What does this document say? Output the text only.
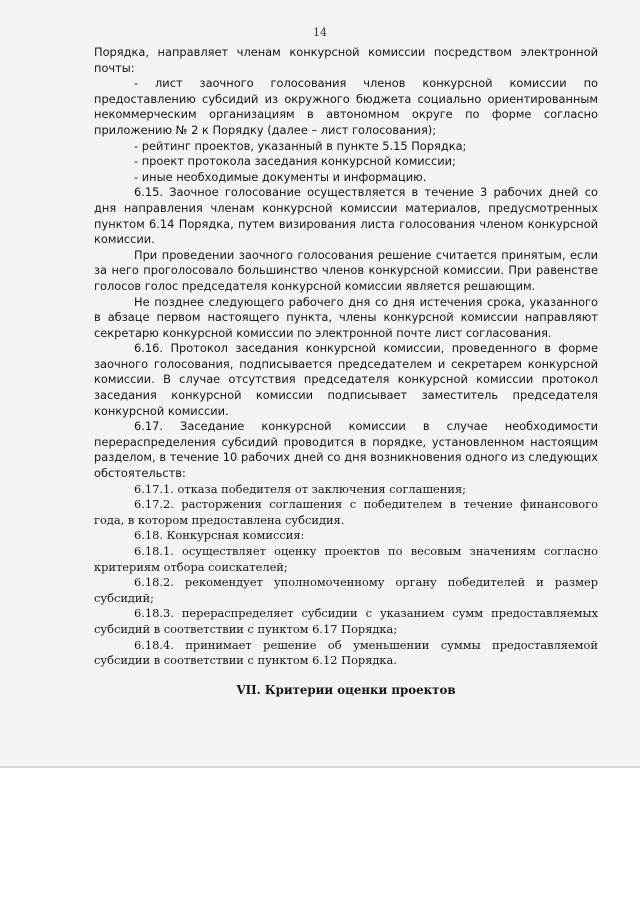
14

Порядка, направляет членам конкурсной комиссии посредством электронной почты:

- лист заочного голосования членов конкурсной комиссии по предоставлению субсидий из окружного бюджета социально ориентированным некоммерческим организациям в автономном округе по форме согласно приложению № 2 к Порядку (далее – лист голосования);

- рейтинг проектов, указанный в пункте 5.15 Порядка;

- проект протокола заседания конкурсной комиссии;

- иные необходимые документы и информацию.

6.15. Заочное голосование осуществляется в течение 3 рабочих дней со дня направления членам конкурсной комиссии материалов, предусмотренных пунктом 6.14 Порядка, путем визирования листа голосования членом конкурсной комиссии.

При проведении заочного голосования решение считается принятым, если за него проголосовало большинство членов конкурсной комиссии. При равенстве голосов голос председателя конкурсной комиссии является решающим.

Не позднее следующего рабочего дня со дня истечения срока, указанного в абзаце первом настоящего пункта, члены конкурсной комиссии направляют секретарю конкурсной комиссии по электронной почте лист согласования.

6.16. Протокол заседания конкурсной комиссии, проведенного в форме заочного голосования, подписывается председателем и секретарем конкурсной комиссии. В случае отсутствия председателя конкурсной комиссии протокол заседания конкурсной комиссии подписывает заместитель председателя конкурсной комиссии.

6.17. Заседание конкурсной комиссии в случае необходимости перераспределения субсидий проводится в порядке, установленном настоящим разделом, в течение 10 рабочих дней со дня возникновения одного из следующих обстоятельств:

6.17.1. отказа победителя от заключения соглашения;

6.17.2. расторжения соглашения с победителем в течение финансового года, в котором предоставлена субсидия.

6.18. Конкурсная комиссия:

6.18.1. осуществляет оценку проектов по весовым значениям согласно критериям отбора соискателей;

6.18.2. рекомендует уполномоченному органу победителей и размер субсидий;

6.18.3. перераспределяет субсидии с указанием сумм предоставляемых субсидий в соответствии с пунктом 6.17 Порядка;

6.18.4. принимает решение об уменьшении суммы предоставляемой субсидии в соответствии с пунктом 6.12 Порядка.

VII. Критерии оценки проектов
